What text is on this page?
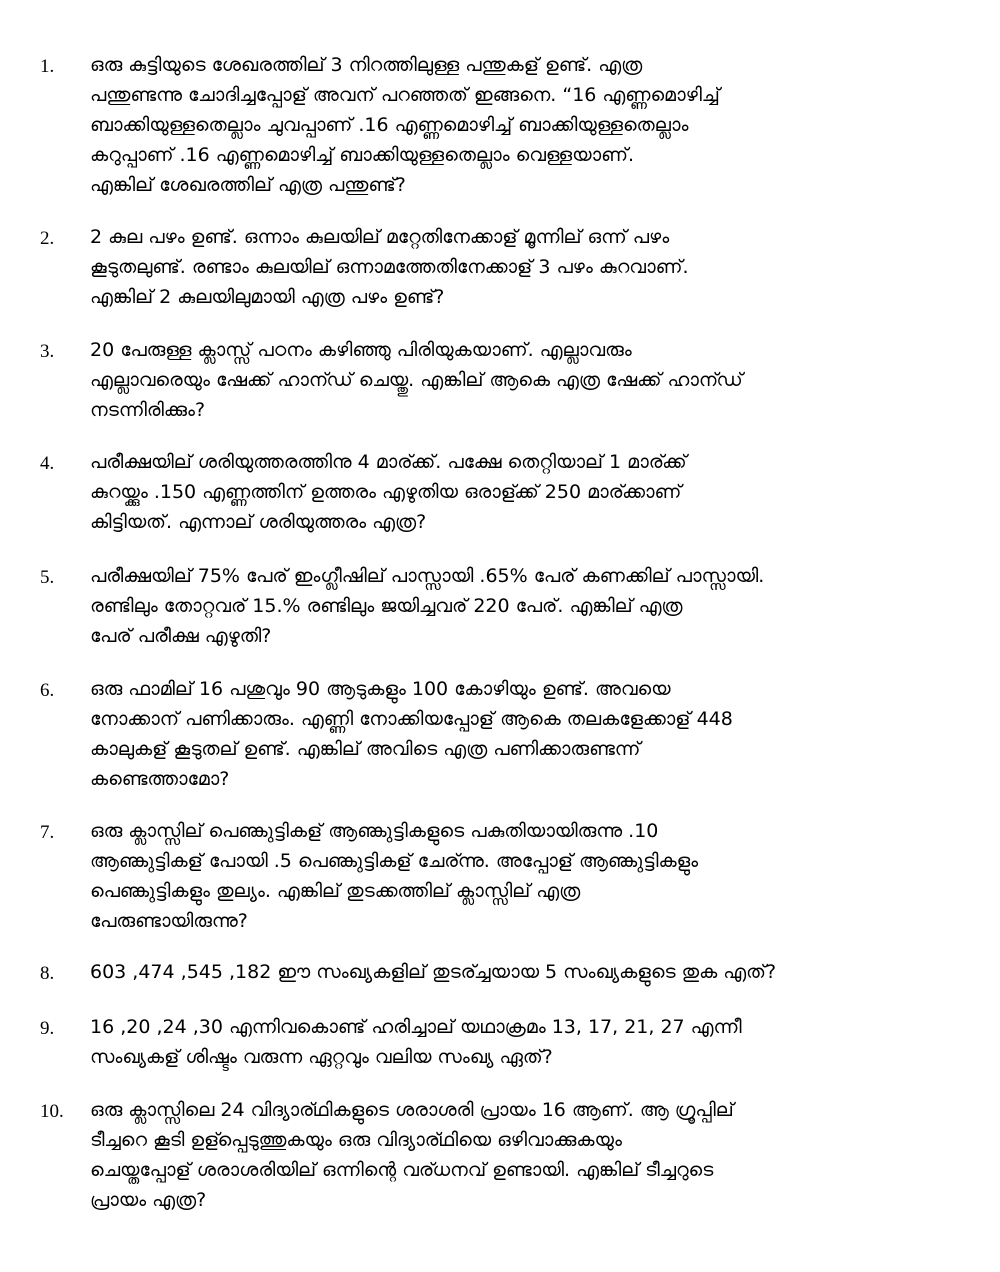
1. ഒരു കുട്ടിയുടെ ശേഖരത്തില് 3 നിറത്തിലുള്ള പന്തുകള് ഉണ്ട്. എത്ര
പന്തുണ്ടന്നു ചോദിച്ചപ്പോള് അവന് പറഞ്ഞത് ഇങ്ങനെ. “16 എണ്ണമൊഴിച്ച്
ബാക്കിയുള്ളതെല്ലാം ചുവപ്പാണ് .16 എണ്ണമൊഴിച്ച് ബാക്കിയുള്ളതെല്ലാം
കറുപ്പാണ് .16 എണ്ണമൊഴിച്ച് ബാക്കിയുള്ളതെല്ലാം വെള്ളയാണ്.
എങ്കില് ശേഖരത്തില് എത്ര പന്തുണ്ട്?
2. 2 കുല പഴം ഉണ്ട്. ഒന്നാം കുലയില് മറ്റേതിനേക്കാള് മൂന്നില് ഒന്ന് പഴം
കൂടുതലുണ്ട്. രണ്ടാം കുലയില് ഒന്നാമത്തേതിനേക്കാള് 3 പഴം കുറവാണ്.
എങ്കില് 2 കുലയിലുമായി എത്ര പഴം ഉണ്ട്?
3. 20 പേരുള്ള ക്ലാസ്സ് പഠനം കഴിഞ്ഞു പിരിയുകയാണ്. എല്ലാവരും
എല്ലാവരെയും ഷേക്ക് ഹാന്ഡ് ചെയ്തു. എങ്കില് ആകെ എത്ര ഷേക്ക് ഹാന്ഡ്
നടന്നിരിക്കും?
4. പരീക്ഷയില് ശരിയുത്തരത്തിനു 4 മാര്ക്ക്. പക്ഷേ തെറ്റിയാല് 1 മാര്ക്ക്
കുറയ്ക്കും .150 എണ്ണത്തിന് ഉത്തരം എഴുതിയ ഒരാള്ക്ക് 250 മാര്ക്കാണ്
കിട്ടിയത്. എന്നാല് ശരിയുത്തരം എത്ര?
5. പരീക്ഷയില് 75% പേര് ഇംഗ്ലീഷില് പാസ്സായി .65% പേര് കണക്കില് പാസ്സായി.
രണ്ടിലും തോറ്റവര് 15.% രണ്ടിലും ജയിച്ചവര് 220 പേര്. എങ്കില് എത്ര
പേര് പരീക്ഷ എഴുതി?
6. ഒരു ഫാമില് 16 പശുവും 90 ആടുകളും 100 കോഴിയും ഉണ്ട്. അവയെ
നോക്കാന് പണിക്കാരും. എണ്ണി നോക്കിയപ്പോള് ആകെ തലകളേക്കാള് 448
കാലുകള് കൂടുതല് ഉണ്ട്. എങ്കില് അവിടെ എത്ര പണിക്കാരുണ്ടന്ന്
കണ്ടെത്താമോ?
7. ഒരു ക്ലാസ്സില് പെണ്കുട്ടികള് ആണ്കുട്ടികളുടെ പകുതിയായിരുന്നു .10
ആണ്കുട്ടികള് പോയി .5 പെണ്കുട്ടികള് ചേര്ന്നു. അപ്പോള് ആണ്കുട്ടികളും
പെണ്കുട്ടികളും തുല്യം. എങ്കില് തുടക്കത്തില് ക്ലാസ്സില് എത്ര
പേരുണ്ടായിരുന്നു?
8. 603 ,474 ,545 ,182 ഈ സംഖ്യകളില് തുടര്ച്ചയായ 5 സംഖ്യകളുടെ തുക എത്?
9. 16 ,20 ,24 ,30 എന്നിവകൊണ്ട് ഹരിച്ചാല് യഥാക്രമം 13, 17, 21, 27 എന്നീ
സംഖ്യകള് ശിഷ്ടം വരുന്ന ഏറ്റവും വലിയ സംഖ്യ ഏത്?
10. ഒരു ക്ലാസ്സിലെ 24 വിദ്യാര്ഥികളുടെ ശരാശരി പ്രായം 16 ആണ്. ആ ഗ്രൂപ്പില്
ടീച്ചറെ കൂടി ഉള്പ്പെടുത്തുകയും ഒരു വിദ്യാര്ഥിയെ ഒഴിവാക്കുകയും
ചെയ്തപ്പോള് ശരാശരിയില് ഒന്നിന്റെ വര്ധനവ് ഉണ്ടായി. എങ്കില് ടീച്ചറുടെ
പ്രായം എത്ര?
